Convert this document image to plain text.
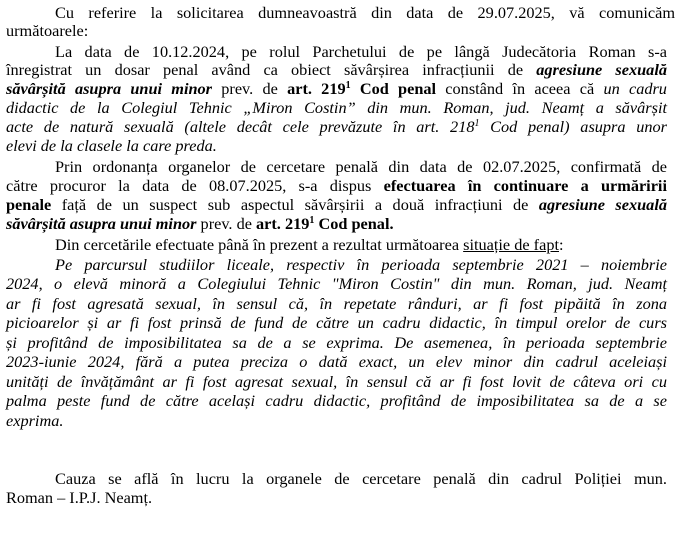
Cu referire la solicitarea dumneavoastră din data de 29.07.2025, vă comunicăm
următoarele:
La data de 10.12.2024, pe rolul Parchetului de pe lângă Judecătoria Roman s-a
înregistrat un dosar penal având ca obiect săvârșirea infracțiunii de agresiune sexuală
săvârșită asupra unui minor prev. de art. $219^1$ Cod penal constând în aceea că un cadru
didactic de la Colegiul Tehnic „Miron Costin” din mun. Roman, jud. Neamț a săvârșit
acte de natură sexuală (altele decât cele prevăzute în art. $218^1$ Cod penal) asupra unor
elevi de la clasele la care preda.
Prin ordonanța organelor de cercetare penală din data de 02.07.2025, confirmată de
către procuror la data de 08.07.2025, s-a dispus efectuarea în continuare a urmăririi
penale față de un suspect sub aspectul săvârșirii a două infracțiuni de agresiune sexuală
săvârșită asupra unui minor prev. de art. $219^1$ Cod penal.
Din cercetările efectuate până în prezent a rezultat următoarea situație de fapt:
Pe parcursul studiilor liceale, respectiv în perioada septembrie 2021 – noiembrie
2024, o elevă minoră a Colegiului Tehnic "Miron Costin" din mun. Roman, jud. Neamț
ar fi fost agresată sexual, în sensul că, în repetate rânduri, ar fi fost pipăită în zona
picioarelor și ar fi fost prinsă de fund de către un cadru didactic, în timpul orelor de curs
și profitând de imposibilitatea sa de a se exprima. De asemenea, în perioada septembrie
2023-iunie 2024, fără a putea preciza o dată exact, un elev minor din cadrul aceleiași
unități de învățământ ar fi fost agresat sexual, în sensul că ar fi fost lovit de câteva ori cu
palma peste fund de către același cadru didactic, profitând de imposibilitatea sa de a se
exprima.
Cauza se află în lucru la organele de cercetare penală din cadrul Poliției mun.
Roman – I.P.J. Neamț.
